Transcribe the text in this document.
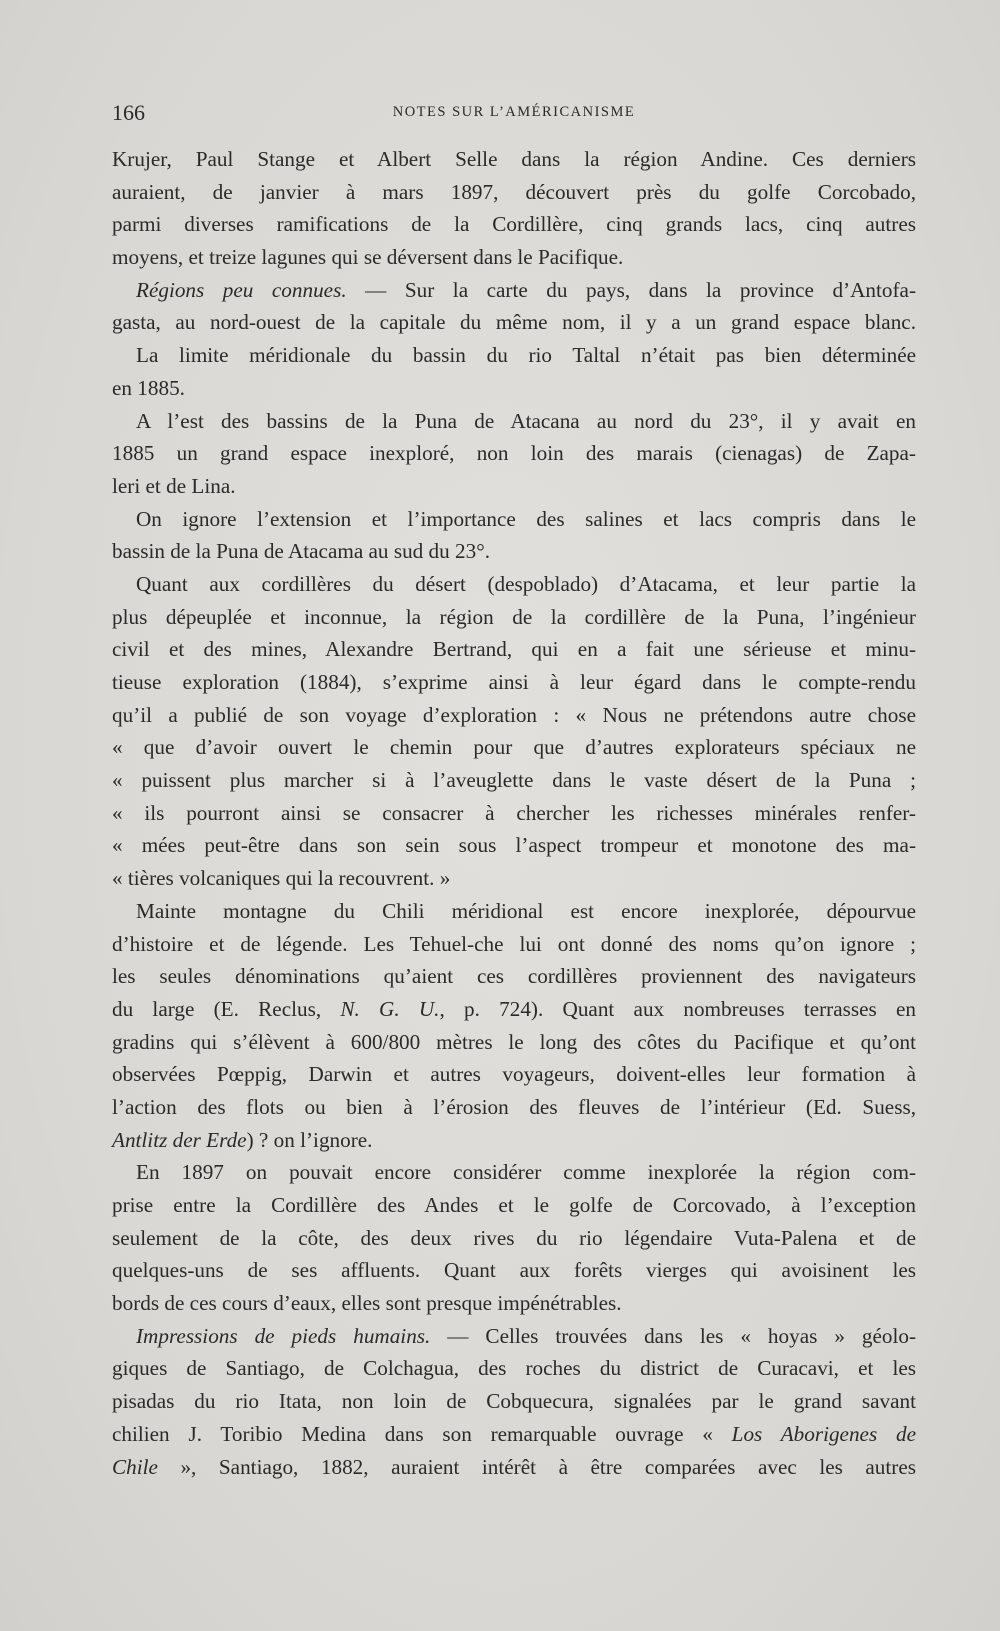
166	NOTES SUR L’AMÉRICANISME
Krujer, Paul Stange et Albert Selle dans la région Andine. Ces derniers
auraient, de janvier à mars 1897, découvert près du golfe Corcobado,
parmi diverses ramifications de la Cordillère, cinq grands lacs, cinq autres
moyens, et treize lagunes qui se déversent dans le Pacifique.
Régions peu connues. — Sur la carte du pays, dans la province d’Antofa-
gasta, au nord-ouest de la capitale du même nom, il y a un grand espace blanc.
La limite méridionale du bassin du rio Taltal n’était pas bien déterminée
en 1885.
A l’est des bassins de la Puna de Atacana au nord du 23°, il y avait en
1885 un grand espace inexploré, non loin des marais (cienagas) de Zapa-
leri et de Lina.
On ignore l’extension et l’importance des salines et lacs compris dans le
bassin de la Puna de Atacama au sud du 23°.
Quant aux cordillères du désert (despoblado) d’Atacama, et leur partie la
plus dépeuplée et inconnue, la région de la cordillère de la Puna, l’ingénieur
civil et des mines, Alexandre Bertrand, qui en a fait une sérieuse et minu-
tieuse exploration (1884), s’exprime ainsi à leur égard dans le compte-rendu
qu’il a publié de son voyage d’exploration : « Nous ne prétendons autre chose
« que d’avoir ouvert le chemin pour que d’autres explorateurs spéciaux ne
« puissent plus marcher si à l’aveuglette dans le vaste désert de la Puna ;
« ils pourront ainsi se consacrer à chercher les richesses minérales renfer-
« mées peut-être dans son sein sous l’aspect trompeur et monotone des ma-
« tières volcaniques qui la recouvrent. »
Mainte montagne du Chili méridional est encore inexplorée, dépourvue
d’histoire et de légende. Les Tehuel-che lui ont donné des noms qu’on ignore ;
les seules dénominations qu’aient ces cordillères proviennent des navigateurs
du large (E. Reclus, N. G. U., p. 724). Quant aux nombreuses terrasses en
gradins qui s’élèvent à 600/800 mètres le long des côtes du Pacifique et qu’ont
observées Pœppig, Darwin et autres voyageurs, doivent-elles leur formation à
l’action des flots ou bien à l’érosion des fleuves de l’intérieur (Ed. Suess,
Antlitz der Erde) ? on l’ignore.
En 1897 on pouvait encore considérer comme inexplorée la région com-
prise entre la Cordillère des Andes et le golfe de Corcovado, à l’exception
seulement de la côte, des deux rives du rio légendaire Vuta-Palena et de
quelques-uns de ses affluents. Quant aux forêts vierges qui avoisinent les
bords de ces cours d’eaux, elles sont presque impénétrables.
Impressions de pieds humains. — Celles trouvées dans les « hoyas » géolo-
giques de Santiago, de Colchagua, des roches du district de Curacavi, et les
pisadas du rio Itata, non loin de Cobquecura, signalées par le grand savant
chilien J. Toribio Medina dans son remarquable ouvrage « Los Aborigenes de
Chile », Santiago, 1882, auraient intérêt à être comparées avec les autres
